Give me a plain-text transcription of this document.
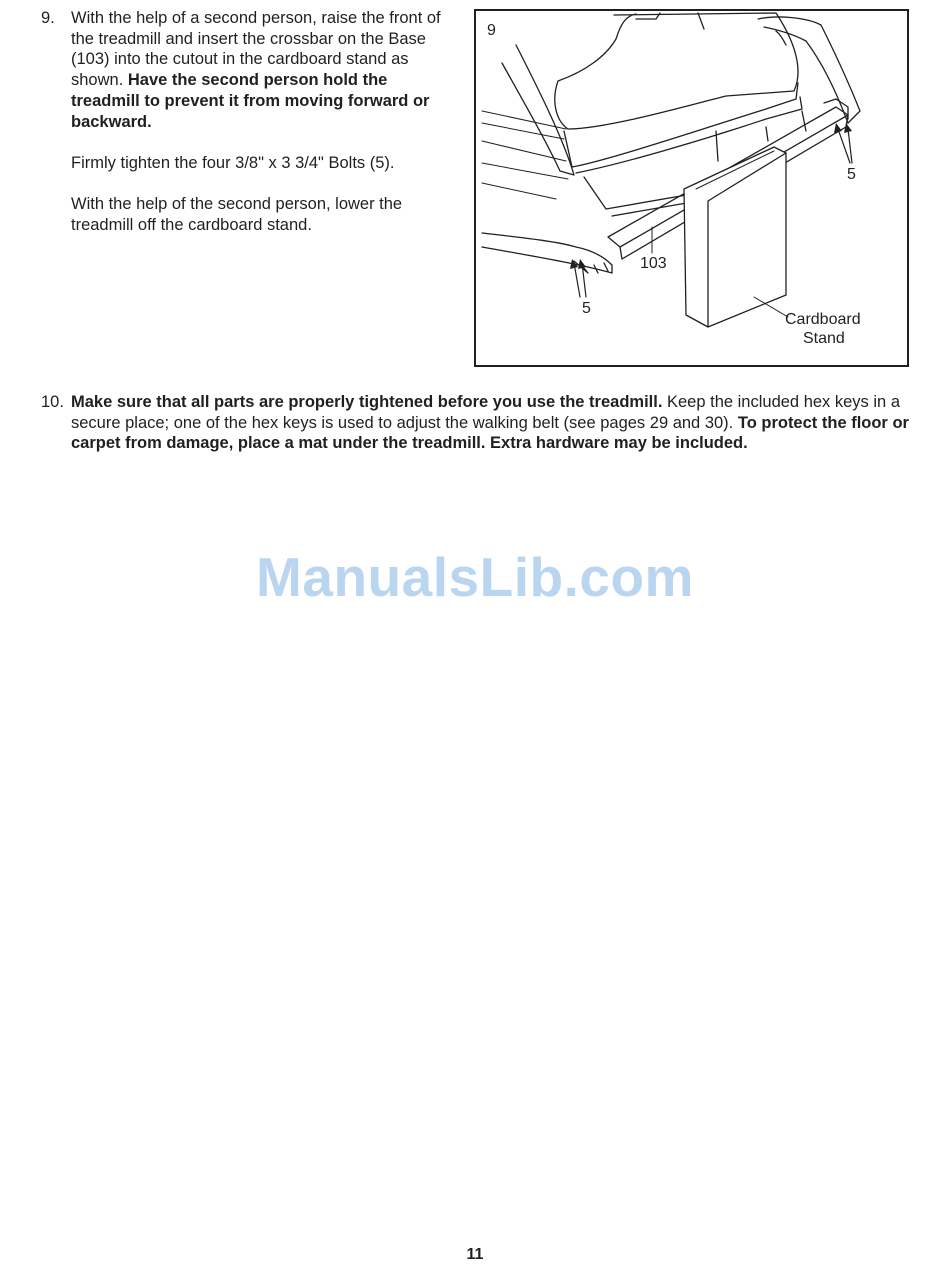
9. With the help of a second person, raise the front of the treadmill and insert the crossbar on the Base (103) into the cutout in the cardboard stand as shown. Have the second person hold the treadmill to prevent it from moving forward or backward.

Firmly tighten the four 3/8" x 3 3/4" Bolts (5).

With the help of the second person, lower the treadmill off the cardboard stand.

9
103
5
5
Cardboard
Stand
10. Make sure that all parts are properly tightened before you use the treadmill. Keep the included hex keys in a secure place; one of the hex keys is used to adjust the walking belt (see pages 29 and 30). To protect the floor or carpet from damage, place a mat under the treadmill. Extra hardware may be included.

ManualsLib.com
11
